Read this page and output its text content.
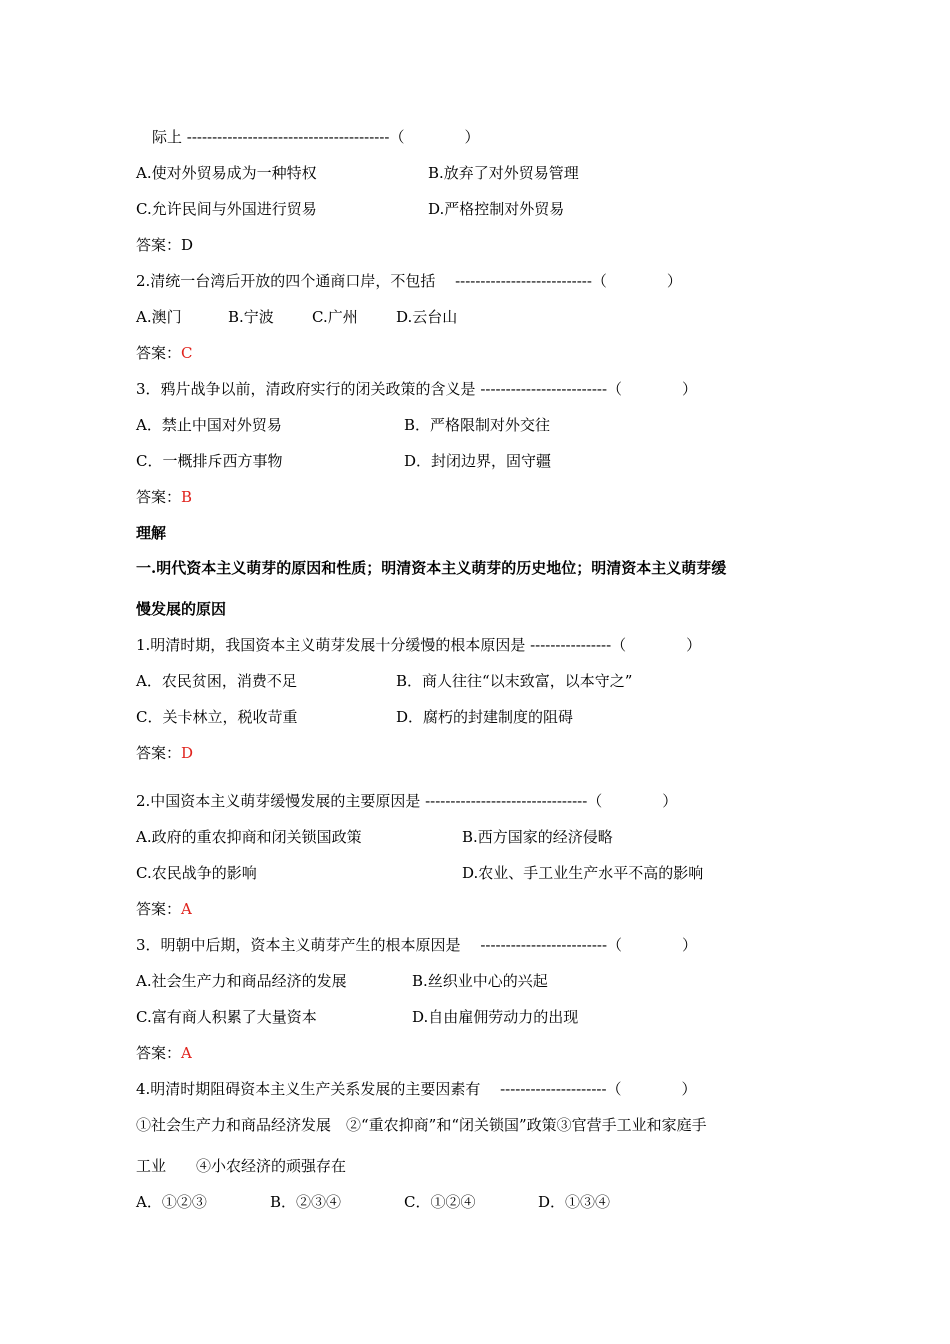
际上 ----------------------------------------（　　　　）
A.使对外贸易成为一种特权	B.放弃了对外贸易管理
C.允许民间与外国进行贸易	D.严格控制对外贸易
答案：D
2.清统一台湾后开放的四个通商口岸，不包括　 ---------------------------（　　　　）
A.澳门	B.宁波	C.广州	D.云台山
答案：C
3．鸦片战争以前，清政府实行的闭关政策的含义是 -------------------------（　　　　）
A．禁止中国对外贸易	B．严格限制对外交往
C．一概排斥西方事物	D．封闭边界，固守疆
答案：B
理解
一.明代资本主义萌芽的原因和性质；明清资本主义萌芽的历史地位；明清资本主义萌芽缓
慢发展的原因
1.明清时期，我国资本主义萌芽发展十分缓慢的根本原因是 ----------------（　　　　）
A．农民贫困，消费不足	B．商人往往“以末致富，以本守之”
C．关卡林立，税收苛重	D．腐朽的封建制度的阻碍
答案：D
2.中国资本主义萌芽缓慢发展的主要原因是 --------------------------------（　　　　）
A.政府的重农抑商和闭关锁国政策	B.西方国家的经济侵略
C.农民战争的影响	D.农业、手工业生产水平不高的影响
答案：A
3．明朝中后期，资本主义萌芽产生的根本原因是　 -------------------------（　　　　）
A.社会生产力和商品经济的发展	B.丝织业中心的兴起
C.富有商人积累了大量资本	D.自由雇佣劳动力的出现
答案：A
4.明清时期阻碍资本主义生产关系发展的主要因素有　 ---------------------（　　　　）
①社会生产力和商品经济发展　②“重农抑商”和“闭关锁国”政策③官营手工业和家庭手
工业　　④小农经济的顽强存在
A．①②③	B．②③④	C．①②④	D．①③④
